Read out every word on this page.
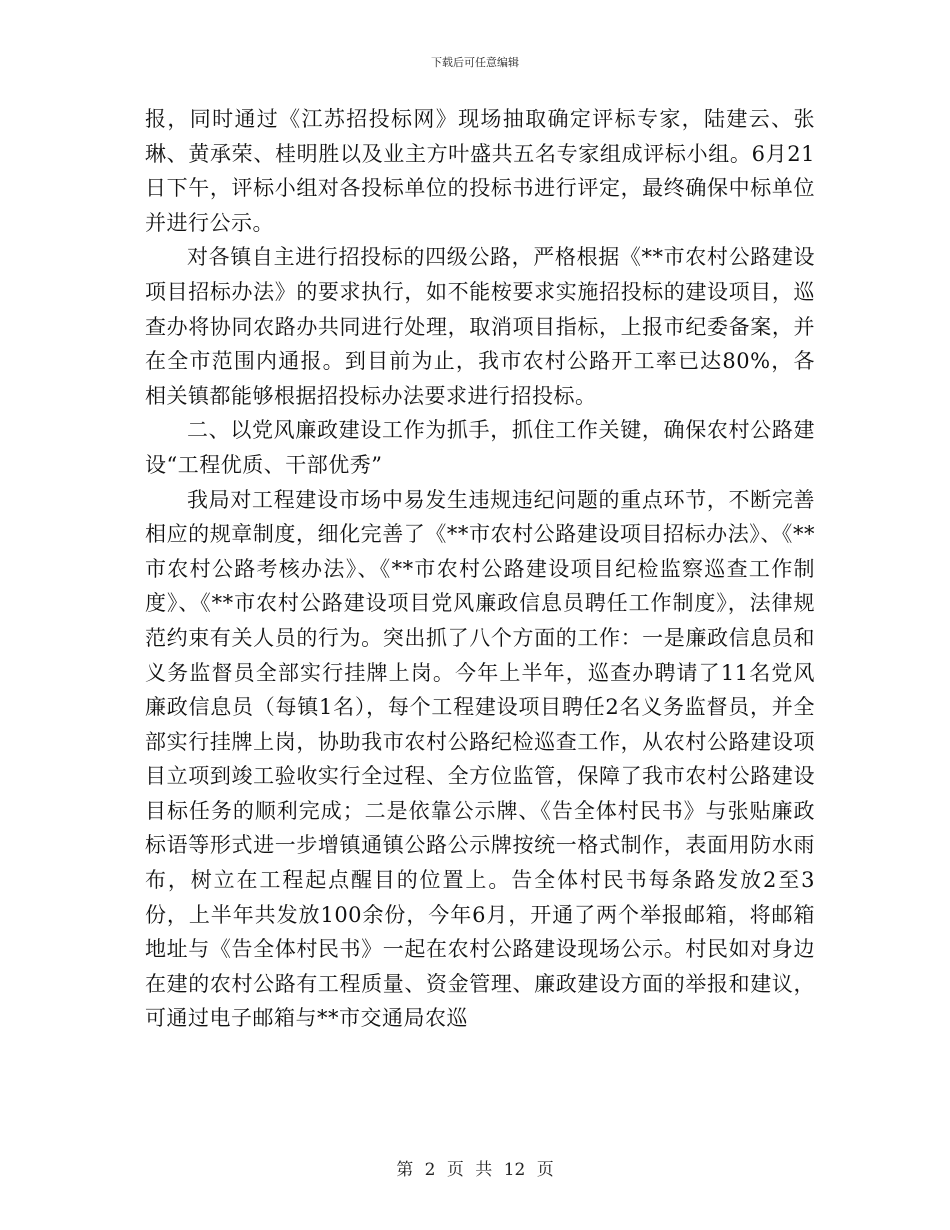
下载后可任意编辑

报，同时通过《江苏招投标网》现场抽取确定评标专家，陆建云、张琳、黄承荣、桂明胜以及业主方叶盛共五名专家组成评标小组。6月21日下午，评标小组对各投标单位的投标书进行评定，最终确保中标单位并进行公示。

对各镇自主进行招投标的四级公路，严格根据《**市农村公路建设项目招标办法》的要求执行，如不能桉要求实施招投标的建设项目，巡查办将协同农路办共同进行处理，取消项目指标，上报市纪委备案，并在全市范围内通报。到目前为止，我市农村公路开工率已达80%，各相关镇都能够根据招投标办法要求进行招投标。

二、以党风廉政建设工作为抓手，抓住工作关键，确保农村公路建设“工程优质、干部优秀”

我局对工程建设市场中易发生违规违纪问题的重点环节，不断完善相应的规章制度，细化完善了《**市农村公路建设项目招标办法》、《**市农村公路考核办法》、《**市农村公路建设项目纪检监察巡查工作制度》、《**市农村公路建设项目党风廉政信息员聘任工作制度》，法律规范约束有关人员的行为。突出抓了八个方面的工作：一是廉政信息员和义务监督员全部实行挂牌上岗。今年上半年，巡查办聘请了11名党风廉政信息员（每镇1名），每个工程建设项目聘任2名义务监督员，并全部实行挂牌上岗，协助我市农村公路纪检巡查工作，从农村公路建设项目立项到竣工验收实行全过程、全方位监管，保障了我市农村公路建设目标任务的顺利完成；二是依靠公示牌、《告全体村民书》与张贴廉政标语等形式进一步增镇通镇公路公示牌按统一格式制作，表面用防水雨布，树立在工程起点醒目的位置上。告全体村民书每条路发放2至3份，上半年共发放100余份，今年6月，开通了两个举报邮箱，将邮箱地址与《告全体村民书》一起在农村公路建设现场公示。村民如对身边在建的农村公路有工程质量、资金管理、廉政建设方面的举报和建议，可通过电子邮箱与**市交通局农巡

第 2 页 共 12 页
